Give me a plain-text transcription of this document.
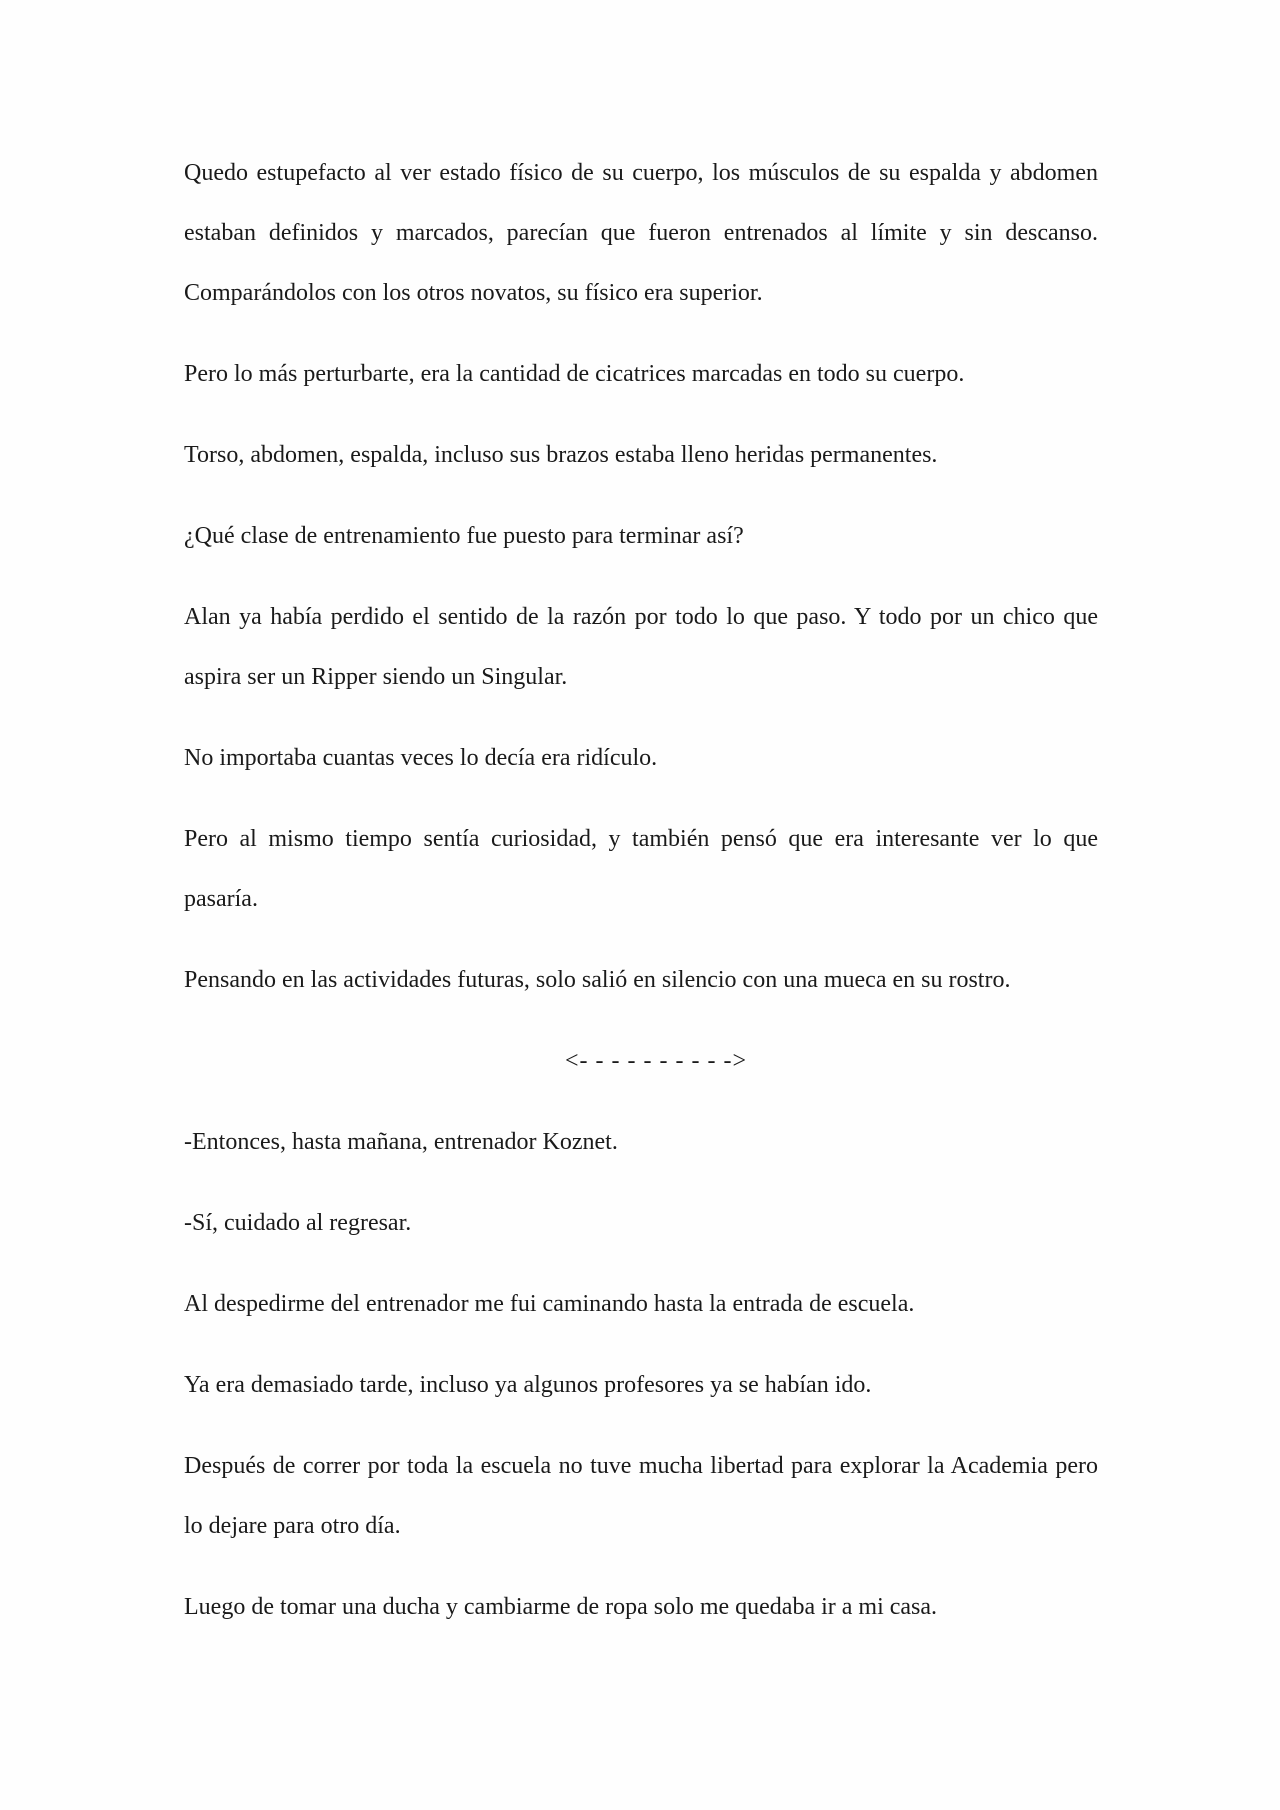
Quedo estupefacto al ver estado físico de su cuerpo, los músculos de su espalda y abdomen estaban definidos y marcados, parecían que fueron entrenados al límite y sin descanso. Comparándolos con los otros novatos, su físico era superior.

Pero lo más perturbarte, era la cantidad de cicatrices marcadas en todo su cuerpo.

Torso, abdomen, espalda, incluso sus brazos estaba lleno heridas permanentes.

¿Qué clase de entrenamiento fue puesto para terminar así?

Alan ya había perdido el sentido de la razón por todo lo que paso. Y todo por un chico que aspira ser un Ripper siendo un Singular.

No importaba cuantas veces lo decía era ridículo.

Pero al mismo tiempo sentía curiosidad, y también pensó que era interesante ver lo que pasaría.

Pensando en las actividades futuras, solo salió en silencio con una mueca en su rostro.

<- - - - - - - - - ->

-Entonces, hasta mañana, entrenador Koznet.

-Sí, cuidado al regresar.

Al despedirme del entrenador me fui caminando hasta la entrada de escuela.

Ya era demasiado tarde, incluso ya algunos profesores ya se habían ido.

Después de correr por toda la escuela no tuve mucha libertad para explorar la Academia pero lo dejare para otro día.

Luego de tomar una ducha y cambiarme de ropa solo me quedaba ir a mi casa.
